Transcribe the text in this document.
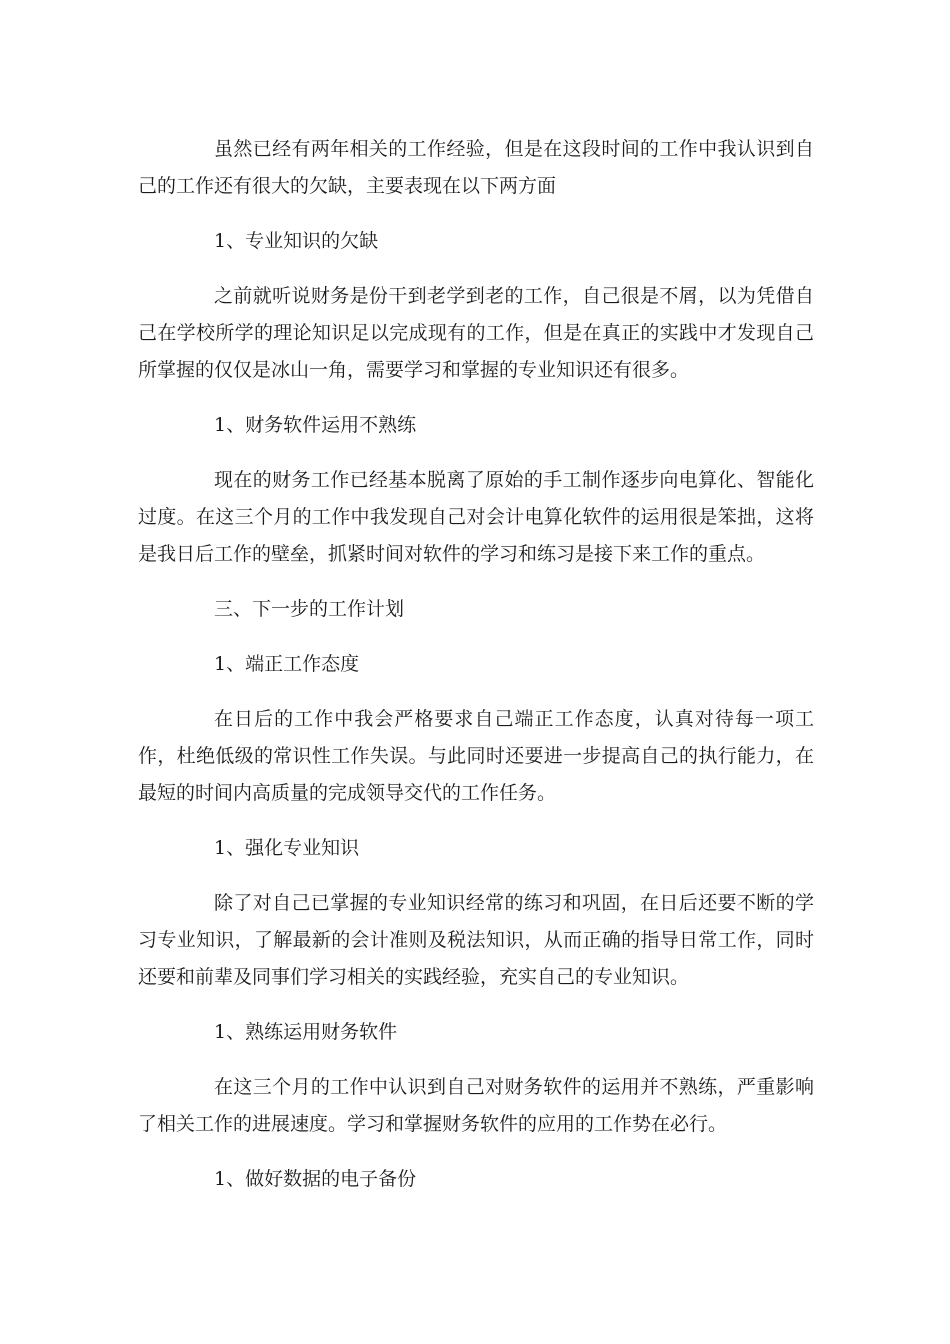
虽然已经有两年相关的工作经验，但是在这段时间的工作中我认识到自己的工作还有很大的欠缺，主要表现在以下两方面

1、专业知识的欠缺

之前就听说财务是份干到老学到老的工作，自己很是不屑，以为凭借自己在学校所学的理论知识足以完成现有的工作，但是在真正的实践中才发现自己所掌握的仅仅是冰山一角，需要学习和掌握的专业知识还有很多。

1、财务软件运用不熟练

现在的财务工作已经基本脱离了原始的手工制作逐步向电算化、智能化过度。在这三个月的工作中我发现自己对会计电算化软件的运用很是笨拙，这将是我日后工作的壁垒，抓紧时间对软件的学习和练习是接下来工作的重点。

三、下一步的工作计划

1、端正工作态度

在日后的工作中我会严格要求自己端正工作态度，认真对待每一项工作，杜绝低级的常识性工作失误。与此同时还要进一步提高自己的执行能力，在最短的时间内高质量的完成领导交代的工作任务。

1、强化专业知识

除了对自己已掌握的专业知识经常的练习和巩固，在日后还要不断的学习专业知识，了解最新的会计准则及税法知识，从而正确的指导日常工作，同时还要和前辈及同事们学习相关的实践经验，充实自己的专业知识。

1、熟练运用财务软件

在这三个月的工作中认识到自己对财务软件的运用并不熟练，严重影响了相关工作的进展速度。学习和掌握财务软件的应用的工作势在必行。

1、做好数据的电子备份
